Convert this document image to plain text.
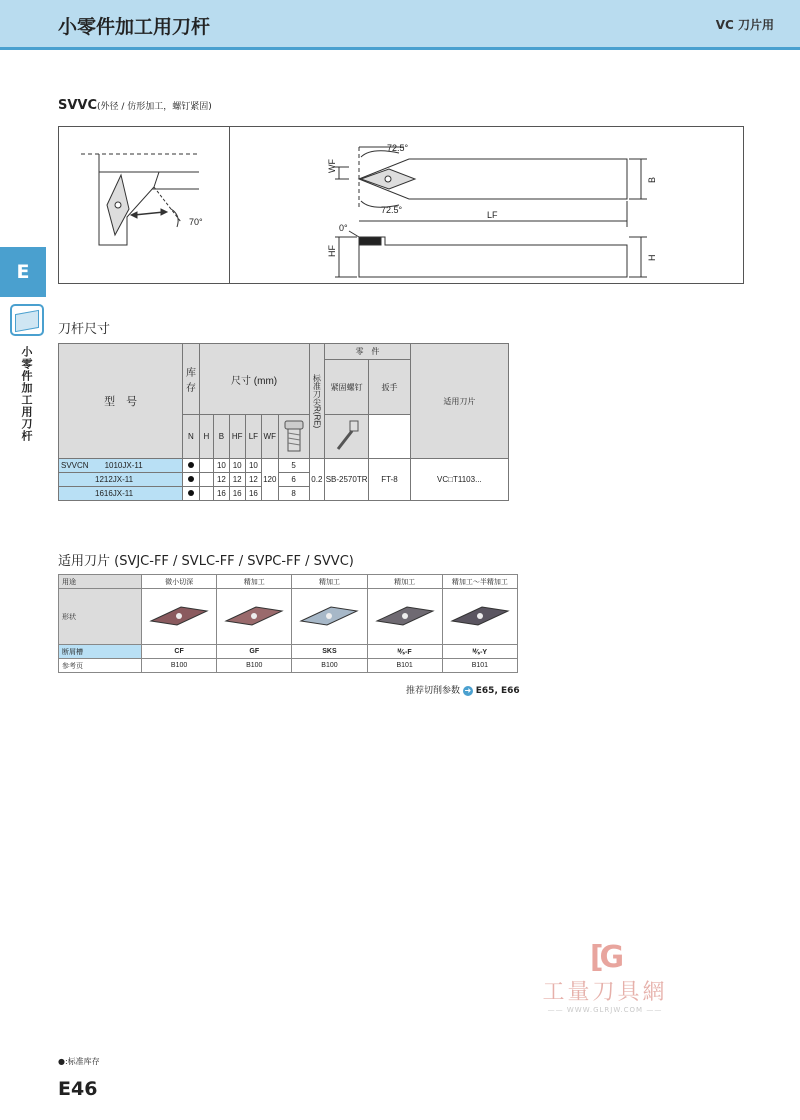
小零件加工用刀杆	VC 刀片用
E
小零件加工用刀杆
SVVC(外径 / 仿形加工，螺钉紧固)
70°
72.5°
72.5°
WF
B
LF
0°
HF
H
刀杆尺寸
型　号	库存	尺寸 (mm)						标准刀尖R(RE)	零　件		适用刀片
									紧固螺钉	扳手	
	N	H	B	HF	LF	WF		
SVVCN　　 1010JX-11			10	10	10	120	5	0.2	SB-2570TR	FT-8	VC□T1103...
1212JX-11			12	12	12		6				
1616JX-11			16	16	16		8				
适用刀片 (SVJC-FF / SVLC-FF / SVPC-FF / SVVC)
用途	微小切深	精加工	精加工	精加工	精加工～半精加工
形状					
断屑槽	CF	GF	SKS	ᴹ⁄ₛ-F	ᴹ⁄ₛ-Y
参考页	B100	B100	B100	B101	B101
推荐切削参数 ➜ E65, E66
[G
工量刀具網
—— WWW.GLRJW.COM ——
●:标准库存
E46
